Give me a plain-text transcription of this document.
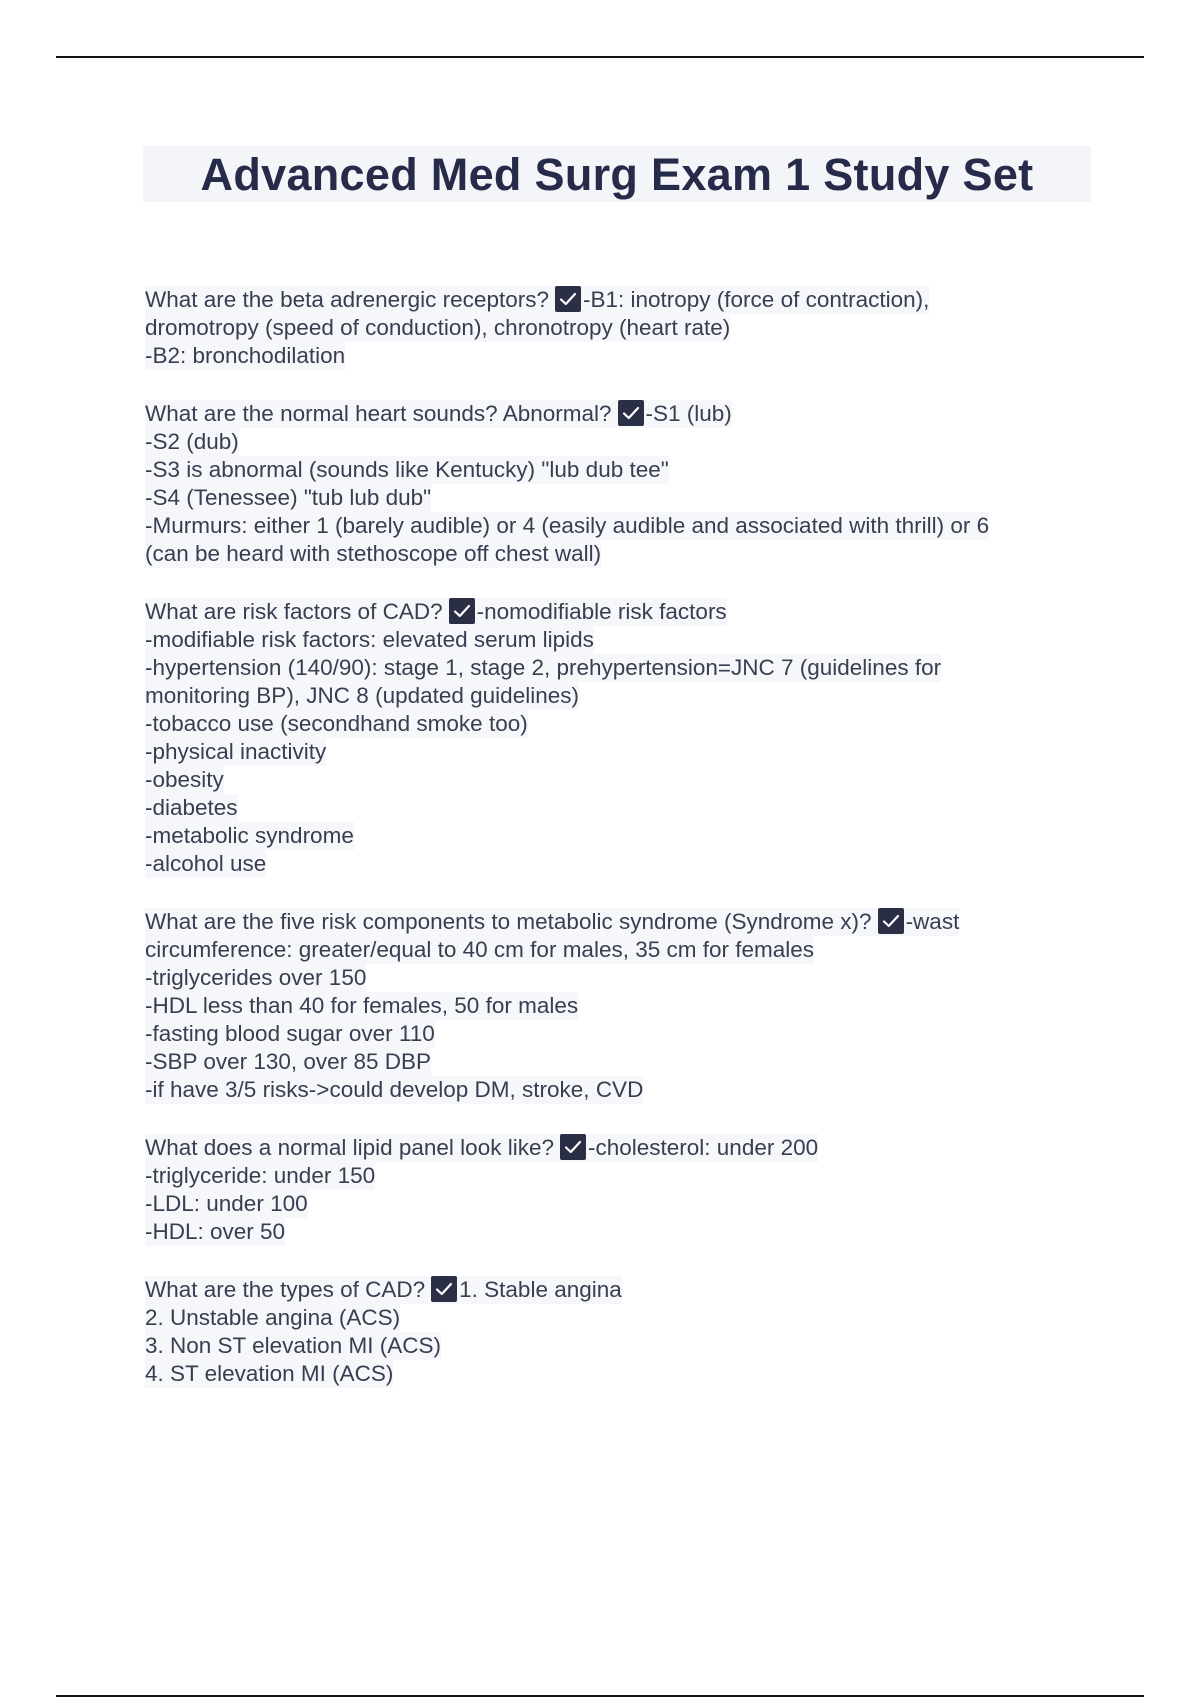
Advanced Med Surg Exam 1 Study Set
What are the beta adrenergic receptors? -B1: inotropy (force of contraction),
dromotropy (speed of conduction), chronotropy (heart rate)
-B2: bronchodilation
What are the normal heart sounds? Abnormal? -S1 (lub)
-S2 (dub)
-S3 is abnormal (sounds like Kentucky) "lub dub tee"
-S4 (Tenessee) "tub lub dub"
-Murmurs: either 1 (barely audible) or 4 (easily audible and associated with thrill) or 6
(can be heard with stethoscope off chest wall)
What are risk factors of CAD? -nomodifiable risk factors
-modifiable risk factors: elevated serum lipids
-hypertension (140/90): stage 1, stage 2, prehypertension=JNC 7 (guidelines for
monitoring BP), JNC 8 (updated guidelines)
-tobacco use (secondhand smoke too)
-physical inactivity
-obesity
-diabetes
-metabolic syndrome
-alcohol use
What are the five risk components to metabolic syndrome (Syndrome x)? -wast
circumference: greater/equal to 40 cm for males, 35 cm for females
-triglycerides over 150
-HDL less than 40 for females, 50 for males
-fasting blood sugar over 110
-SBP over 130, over 85 DBP
-if have 3/5 risks->could develop DM, stroke, CVD
What does a normal lipid panel look like? -cholesterol: under 200
-triglyceride: under 150
-LDL: under 100
-HDL: over 50
What are the types of CAD? 1. Stable angina
2. Unstable angina (ACS)
3. Non ST elevation MI (ACS)
4. ST elevation MI (ACS)
